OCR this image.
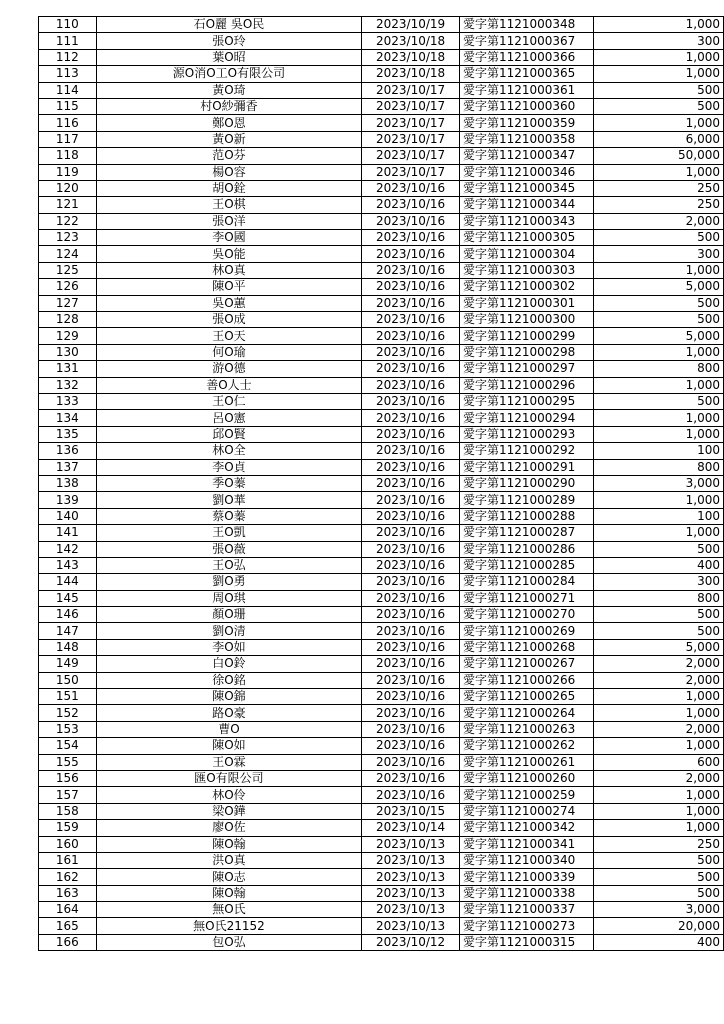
110	石O麗 吳O民	2023/10/19	愛字第1121000348	1,000
111	張O玲	2023/10/18	愛字第1121000367	300
112	葉O昭	2023/10/18	愛字第1121000366	1,000
113	源O消O工O有限公司	2023/10/18	愛字第1121000365	1,000
114	黃O琦	2023/10/17	愛字第1121000361	500
115	村O紗彌香	2023/10/17	愛字第1121000360	500
116	鄭O恩	2023/10/17	愛字第1121000359	1,000
117	黃O新	2023/10/17	愛字第1121000358	6,000
118	范O芬	2023/10/17	愛字第1121000347	50,000
119	楊O容	2023/10/17	愛字第1121000346	1,000
120	胡O銓	2023/10/16	愛字第1121000345	250
121	王O棋	2023/10/16	愛字第1121000344	250
122	張O洋	2023/10/16	愛字第1121000343	2,000
123	李O國	2023/10/16	愛字第1121000305	500
124	吳O能	2023/10/16	愛字第1121000304	300
125	林O真	2023/10/16	愛字第1121000303	1,000
126	陳O平	2023/10/16	愛字第1121000302	5,000
127	吳O蕙	2023/10/16	愛字第1121000301	500
128	張O成	2023/10/16	愛字第1121000300	500
129	王O天	2023/10/16	愛字第1121000299	5,000
130	何O瑜	2023/10/16	愛字第1121000298	1,000
131	游O德	2023/10/16	愛字第1121000297	800
132	善O人士	2023/10/16	愛字第1121000296	1,000
133	王O仁	2023/10/16	愛字第1121000295	500
134	呂O憲	2023/10/16	愛字第1121000294	1,000
135	邱O賢	2023/10/16	愛字第1121000293	1,000
136	林O全	2023/10/16	愛字第1121000292	100
137	李O貞	2023/10/16	愛字第1121000291	800
138	季O蓁	2023/10/16	愛字第1121000290	3,000
139	劉O華	2023/10/16	愛字第1121000289	1,000
140	蔡O蓁	2023/10/16	愛字第1121000288	100
141	王O凱	2023/10/16	愛字第1121000287	1,000
142	張O薇	2023/10/16	愛字第1121000286	500
143	王O弘	2023/10/16	愛字第1121000285	400
144	劉O勇	2023/10/16	愛字第1121000284	300
145	周O琪	2023/10/16	愛字第1121000271	800
146	顏O珊	2023/10/16	愛字第1121000270	500
147	劉O清	2023/10/16	愛字第1121000269	500
148	李O如	2023/10/16	愛字第1121000268	5,000
149	白O鈴	2023/10/16	愛字第1121000267	2,000
150	徐O銘	2023/10/16	愛字第1121000266	2,000
151	陳O錦	2023/10/16	愛字第1121000265	1,000
152	路O豪	2023/10/16	愛字第1121000264	1,000
153	曹O	2023/10/16	愛字第1121000263	2,000
154	陳O如	2023/10/16	愛字第1121000262	1,000
155	王O霖	2023/10/16	愛字第1121000261	600
156	匯O有限公司	2023/10/16	愛字第1121000260	2,000
157	林O伶	2023/10/16	愛字第1121000259	1,000
158	梁O鏵	2023/10/15	愛字第1121000274	1,000
159	廖O佐	2023/10/14	愛字第1121000342	1,000
160	陳O翰	2023/10/13	愛字第1121000341	250
161	洪O真	2023/10/13	愛字第1121000340	500
162	陳O志	2023/10/13	愛字第1121000339	500
163	陳O翰	2023/10/13	愛字第1121000338	500
164	無O氏	2023/10/13	愛字第1121000337	3,000
165	無O氏21152	2023/10/13	愛字第1121000273	20,000
166	包O弘	2023/10/12	愛字第1121000315	400
